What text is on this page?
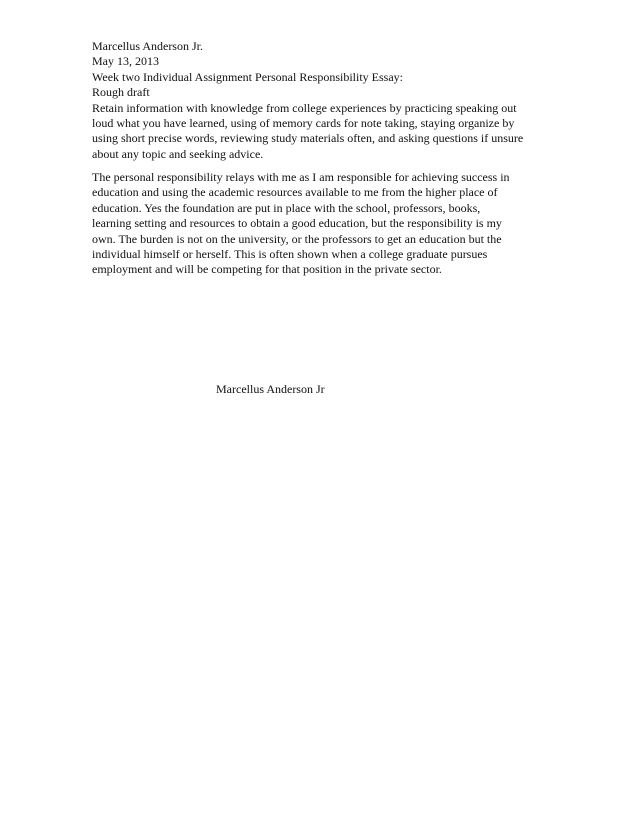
Marcellus Anderson Jr.
May 13, 2013
Week two Individual Assignment Personal Responsibility Essay:
Rough draft
Retain information with knowledge from college experiences by practicing speaking out
loud what you have learned, using of memory cards for note taking, staying organize by
using short precise words, reviewing study materials often, and asking questions if unsure
about any topic and seeking advice.
The personal responsibility relays with me as I am responsible for achieving success in
education and using the academic resources available to me from the higher place of
education. Yes the foundation are put in place with the school, professors, books,
learning setting and resources to obtain a good education, but the responsibility is my
own. The burden is not on the university, or the professors to get an education but the
individual himself or herself. This is often shown when a college graduate pursues
employment and will be competing for that position in the private sector.
Marcellus Anderson Jr
